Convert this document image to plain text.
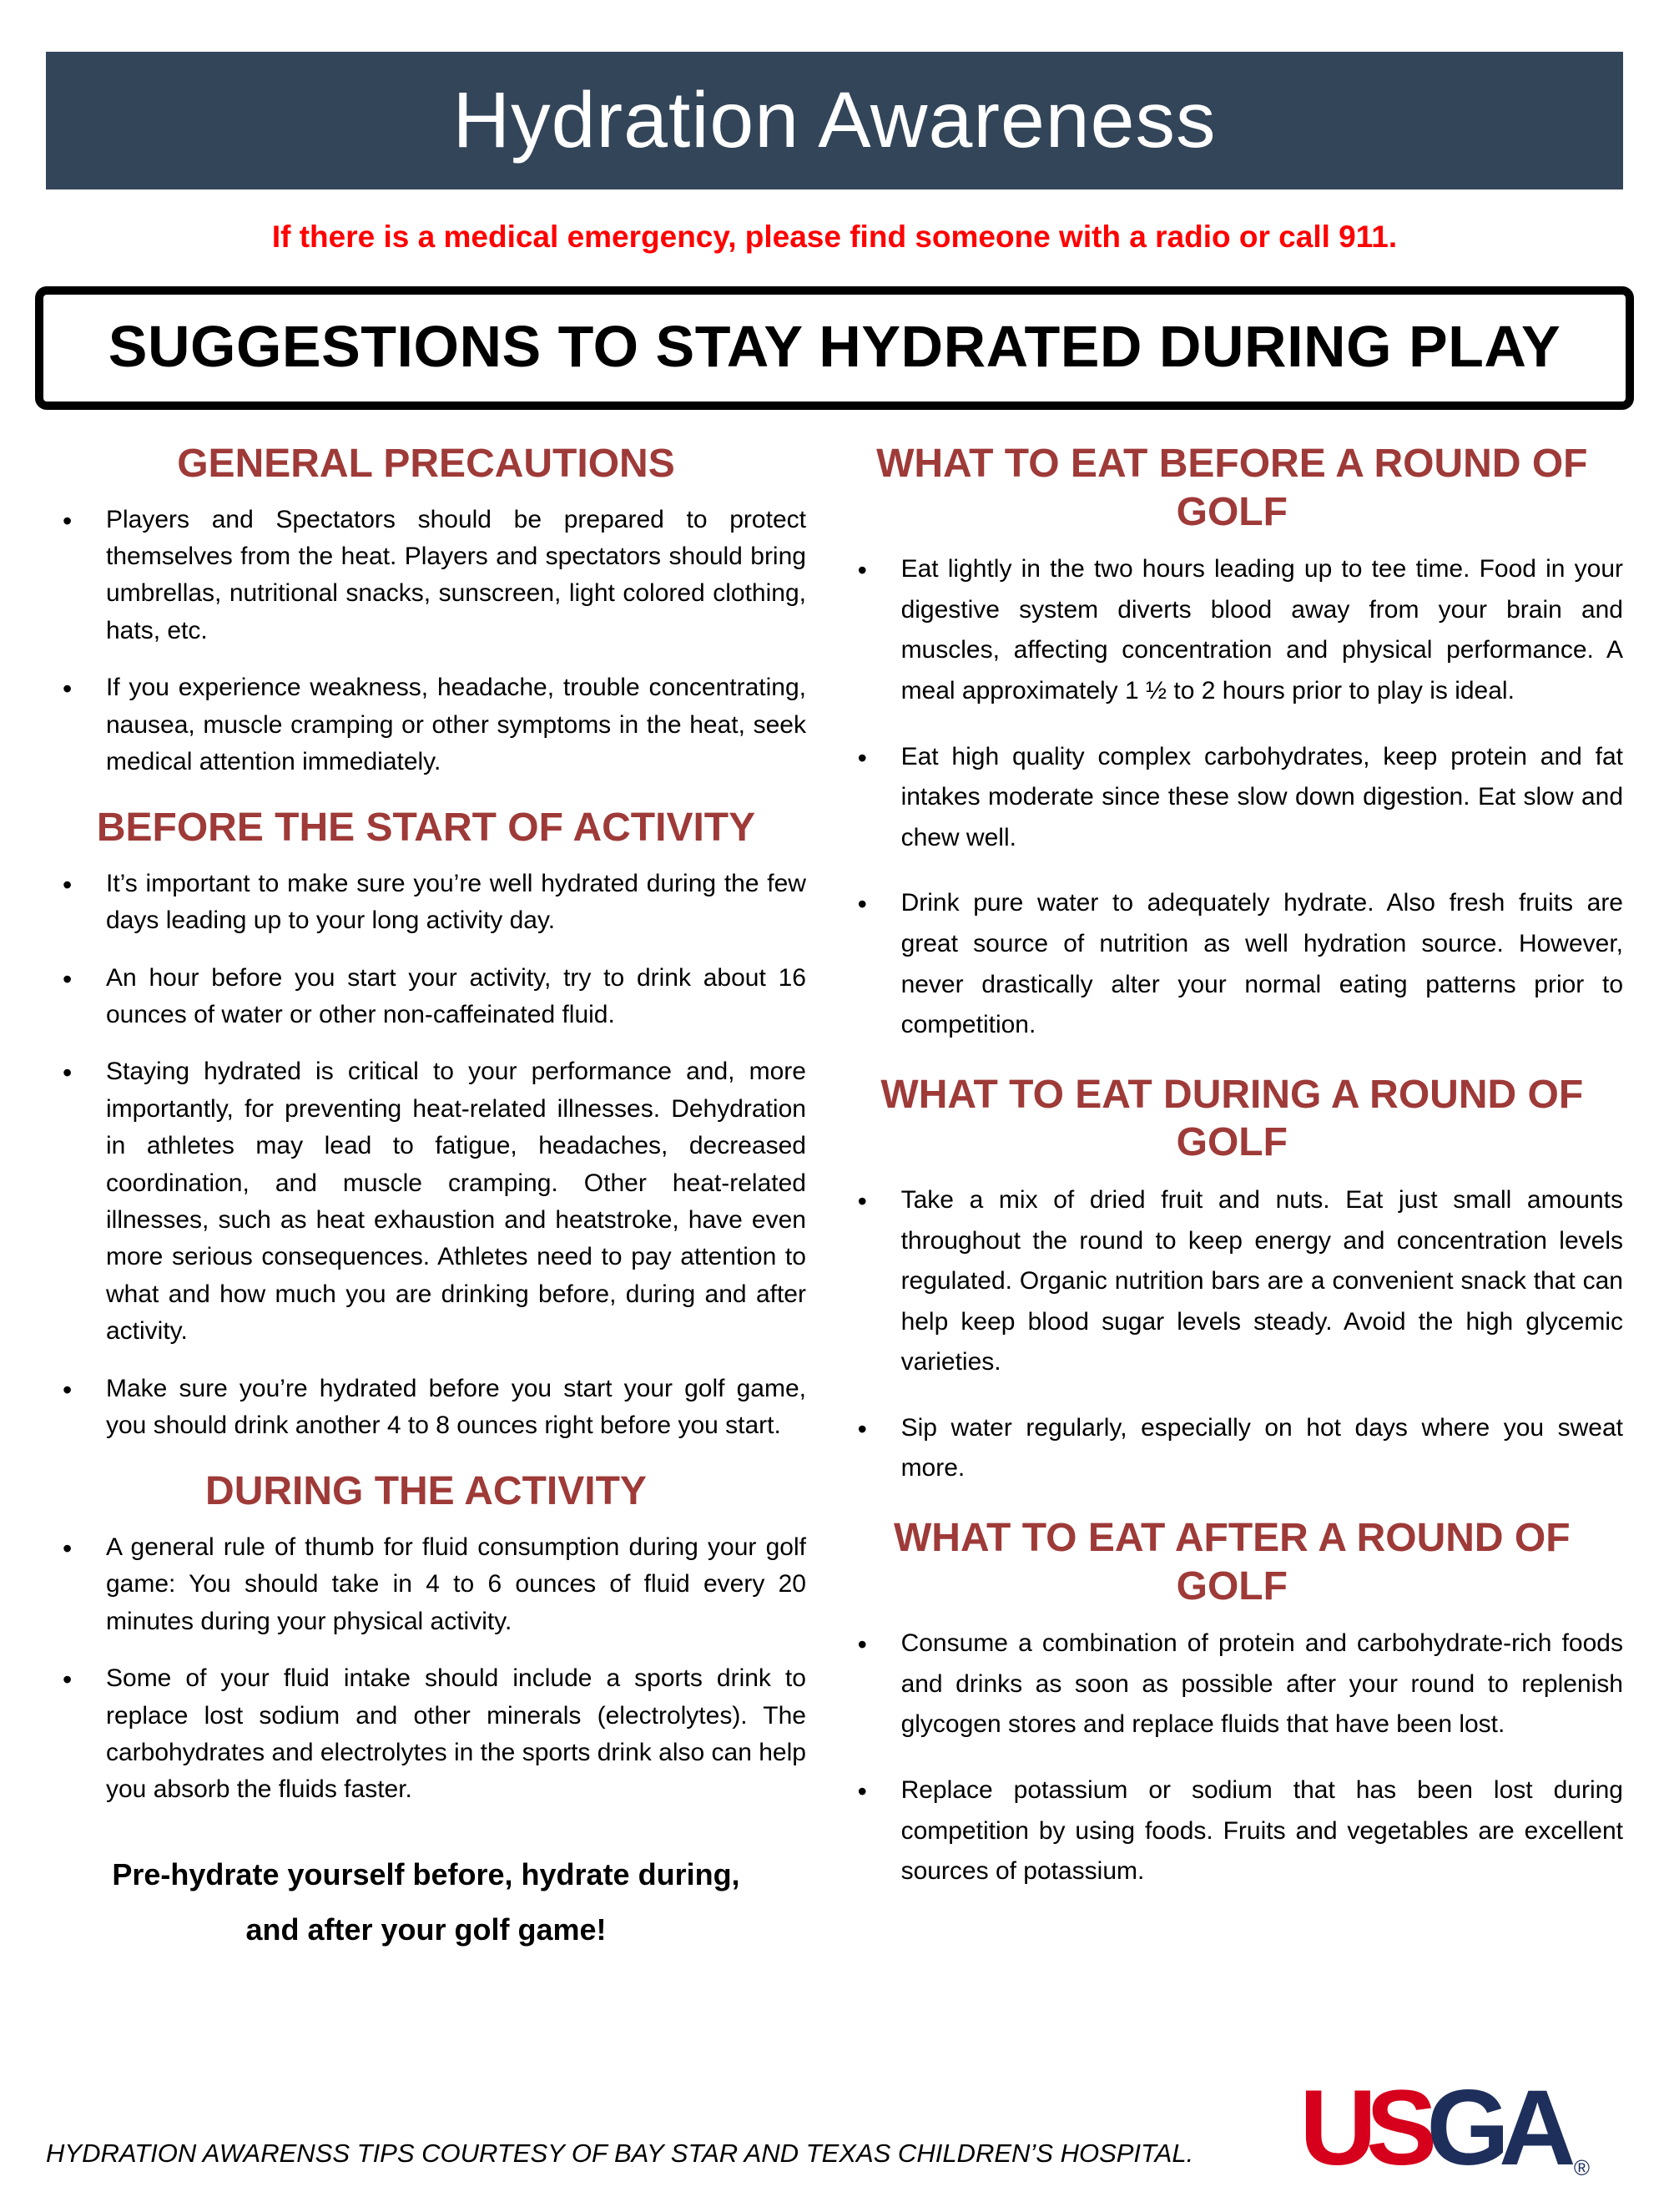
Hydration Awareness
If there is a medical emergency, please find someone with a radio or call 911.
SUGGESTIONS TO STAY HYDRATED DURING PLAY
GENERAL PRECAUTIONS
• Players and Spectators should be prepared to protect themselves from the heat. Players and spectators should bring umbrellas, nutritional snacks, sunscreen, light colored clothing, hats, etc.
• If you experience weakness, headache, trouble concentrating, nausea, muscle cramping or other symptoms in the heat, seek medical attention immediately.
BEFORE THE START OF ACTIVITY
• It’s important to make sure you’re well hydrated during the few days leading up to your long activity day.
• An hour before you start your activity, try to drink about 16 ounces of water or other non-caffeinated fluid.
• Staying hydrated is critical to your performance and, more importantly, for preventing heat-related illnesses. Dehydration in athletes may lead to fatigue, headaches, decreased coordination, and muscle cramping. Other heat-related illnesses, such as heat exhaustion and heatstroke, have even more serious consequences. Athletes need to pay attention to what and how much you are drinking before, during and after activity.
• Make sure you’re hydrated before you start your golf game, you should drink another 4 to 8 ounces right before you start.
DURING THE ACTIVITY
• A general rule of thumb for fluid consumption during your golf game: You should take in 4 to 6 ounces of fluid every 20 minutes during your physical activity.
• Some of your fluid intake should include a sports drink to replace lost sodium and other minerals (electrolytes). The carbohydrates and electrolytes in the sports drink also can help you absorb the fluids faster.
Pre-hydrate yourself before, hydrate during, and after your golf game!
WHAT TO EAT BEFORE A ROUND OF GOLF
• Eat lightly in the two hours leading up to tee time. Food in your digestive system diverts blood away from your brain and muscles, affecting concentration and physical performance. A meal approximately 1 ½ to 2 hours prior to play is ideal.
• Eat high quality complex carbohydrates, keep protein and fat intakes moderate since these slow down digestion. Eat slow and chew well.
• Drink pure water to adequately hydrate. Also fresh fruits are great source of nutrition as well hydration source. However, never drastically alter your normal eating patterns prior to competition.
WHAT TO EAT DURING A ROUND OF GOLF
• Take a mix of dried fruit and nuts. Eat just small amounts throughout the round to keep energy and concentration levels regulated. Organic nutrition bars are a convenient snack that can help keep blood sugar levels steady. Avoid the high glycemic varieties.
• Sip water regularly, especially on hot days where you sweat more.
WHAT TO EAT AFTER A ROUND OF GOLF
• Consume a combination of protein and carbohydrate-rich foods and drinks as soon as possible after your round to replenish glycogen stores and replace fluids that have been lost.
• Replace potassium or sodium that has been lost during competition by using foods. Fruits and vegetables are excellent sources of potassium.
HYDRATION AWARENSS TIPS COURTESY OF BAY STAR AND TEXAS CHILDREN’S HOSPITAL. US GA ®
